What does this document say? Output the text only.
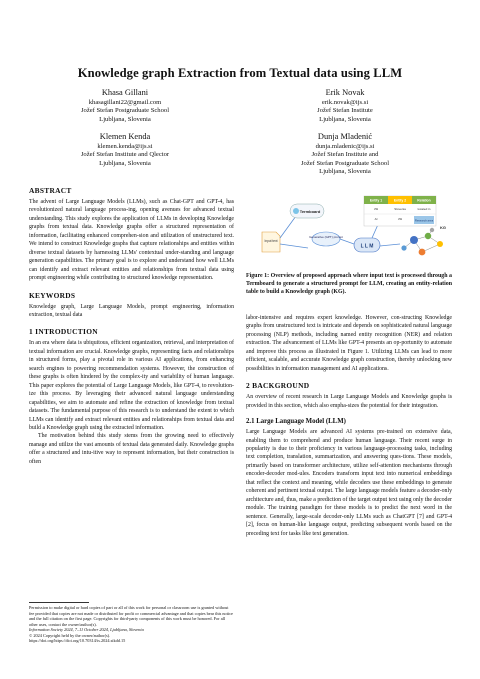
Knowledge graph Extraction from Textual data using LLM
Khasa Gillani
khasagillani22@gmail.com
Jožef Stefan Postgraduate School
Ljubljana, Slovenia
Erik Novak
erik.novak@ijs.si
Jožef Stefan Institute
Ljubljana, Slovenia
Klemen Kenda
klemen.kenda@ijs.si
Jožef Stefan Institute and Qlector
Ljubljana, Slovenia
Dunja Mladenić
dunja.mladenic@ijs.si
Jožef Stefan Institute and
Jožef Stefan Postgraduate School
Ljubljana, Slovenia
ABSTRACT
The advent of Large Language Models (LLMs), such as Chat-GPT and GPT-4, has revolutionized natural language process-ing, opening avenues for advanced textual understanding. This study explores the application of LLMs in developing Knowledge graphs from textual data. Knowledge graphs offer a structured representation of information, facilitating enhanced comprehen-sion and utilization of unstructured text. We intend to construct Knowledge graphs that capture relationships and entities within diverse textual datasets by harnessing LLMs' contextual under-standing and language generation capabilities. The primary goal is to explore and understand how well LLMs can identify and extract relevant entities and relationships from textual data using prompt engineering while contributing to structured knowledge representation.
KEYWORDS
Knowledge graph, Large Language Models, prompt engineering, information extraction, textual data
1 INTRODUCTION

In an era where data is ubiquitous, efficient organization, retrieval, and interpretation of textual information are crucial. Knowledge graphs, representing facts and relationships in structured forms, play a pivotal role in various AI applications, from enhancing search engines to powering recommendation systems. However, the construction of these graphs is often hindered by the complex-ity and variability of human language. This paper explores the potential of Large Language Models, like GPT-4, to revolution-ize this process. By leveraging their advanced natural language understanding capabilities, we aim to automate and refine the extraction of knowledge from textual datasets. The fundamental purpose of this research is to understand the extent to which LLMs can identify and extract relevant entities and relationships from textual data and build a Knowledge graph using the extracted information.

The motivation behind this study stems from the growing need to effectively manage and utilize the vast amounts of textual data generated daily. Knowledge graphs offer a structured and intu-itive way to represent information, but their construction is often

Permission to make digital or hard copies of part or all of this work for personal or classroom use is granted without fee provided that copies are not made or distributed for profit or commercial advantage and that copies bear this notice and the full citation on the first page. Copyrights for third-party components of this work must be honored. For all other uses, contact the owner/author(s).
Information Society 2024, 7–11 October 2024, Ljubljana, Slovenia
© 2024 Copyright held by the owner/author(s).
https://doi.org/https://doi.org/10.70314/is.2024.sikdd.15
Input text
Termboard
Generative (GPT) prompt
L L M
Entity 1	Entity 2	Relation
JSI	Slovenia	located in
AI	JSI	Research area
KG
Figure 1: Overview of proposed approach where input text is processed through a Termboard to generate a structured prompt for LLM, creating an entity-relation table to build a Knowledge graph (KG).
labor-intensive and requires expert knowledge. However, con-structing Knowledge graphs from unstructured text is intricate and depends on sophisticated natural language processing (NLP) methods, including named entity recognition (NER) and relation extraction. The advancement of LLMs like GPT-4 presents an op-portunity to automate and improve this process as illustrated in Figure 1. Utilizing LLMs can lead to more efficient, scalable, and accurate Knowledge graph construction, thereby unlocking new possibilities in information management and AI applications.
2 BACKGROUND
An overview of recent research in Large Language Models and Knowledge graphs is provided in this section, which also empha-sizes the potential for their integration.
2.1 Large Language Model (LLM)
Large Language Models are advanced AI systems pre-trained on extensive data, enabling them to comprehend and produce human language. Their recent surge in popularity is due to their proficiency in various language-processing tasks, including text completion, translation, summarization, and answering ques-tions. These models, primarily based on transformer architecture, utilize self-attention mechanisms through encoder-decoder mod-ules. Encoders transform input text into numerical embeddings that reflect the context and meaning, while decoders use these embeddings to generate coherent and pertinent textual output. The large language models feature a decoder-only architecture and, thus, make a prediction of the target output text using only the decoder module. The training paradigm for these models is to predict the next word in the sentence. Generally, large-scale decoder-only LLMs such as ChatGPT [7] and GPT-4 [2], focus on human-like language output, predicting subsequent words based on the preceding text for tasks like text generation.
